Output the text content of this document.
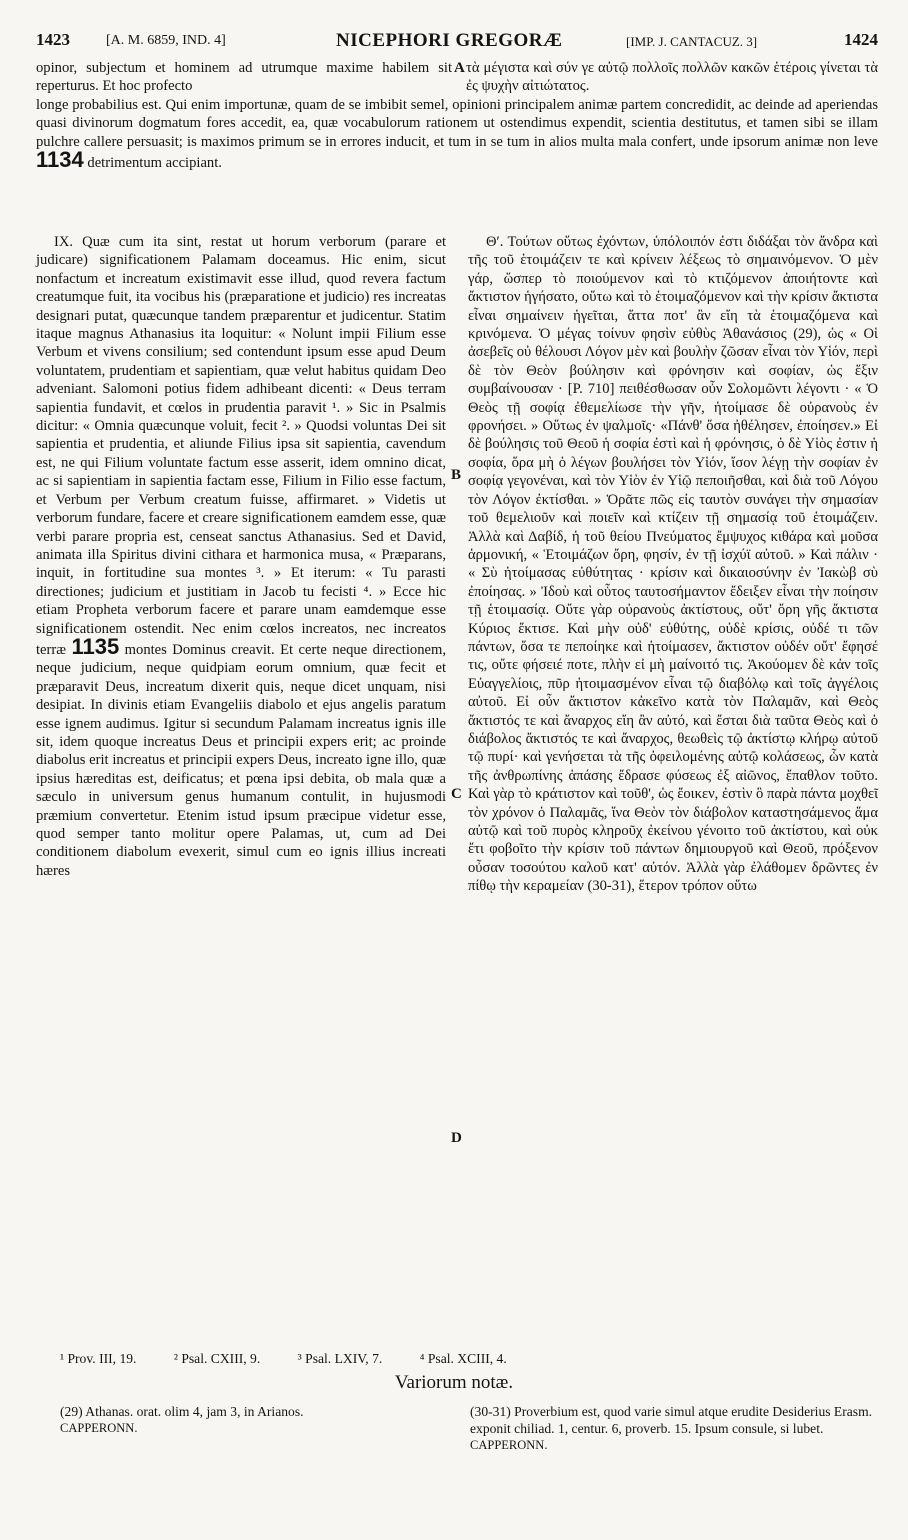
1423	[A. M. 6859, IND. 4]	NICEPHORI GREGORÆ	[IMP. J. CANTACUZ. 3]	1424
opinor, subjectum et hominem ad utrumque maxime habilem sit reperturus. Et hoc profecto
A τὰ μέγιστα καὶ σύν γε αὐτῷ πολλοῖς πολλῶν κακῶν ἑτέροις γίνεται τὰ ἐς ψυχὴν αἰτιώτατος.

longe probabilius est. Qui enim importunæ, quam de se imbibit semel, opinioni principalem animæ partem concredidit, ac deinde ad aperiendas quasi divinorum dogmatum fores accedit, ea, quæ vocabulorum rationem ut ostendimus expendit, scientia destitutus, et tamen sibi se illam pulchre callere persuasit; is maximos primum se in errores inducit, et tum in se tum in alios multa mala confert, unde ipsorum animæ non leve 1134 detrimentum accipiant.

IX. Quæ cum ita sint, restat ut horum verborum (parare et judicare) significationem Palamam doceamus. Hic enim, sicut nonfactum et increatum existimavit esse illud, quod revera factum creatumque fuit, ita vocibus his (præparatione et judicio) res increatas designari putat, quæcunque tandem præparentur et judicentur. Statim itaque magnus Athanasius ita loquitur: « Nolunt impii Filium esse Verbum et vivens consilium; sed contendunt ipsum esse apud Deum voluntatem, prudentiam et sapientiam, quæ velut habitus quidam Deo adveniant. Salomoni potius fidem adhibeant dicenti: « Deus terram sapientia fundavit, et cœlos in prudentia paravit ¹. » Sic in Psalmis dicitur: « Omnia quæcunque voluit, fecit ². » Quodsi voluntas Dei sit sapientia et prudentia, et aliunde Filius ipsa sit sapientia, cavendum est, ne qui Filium voluntate factum esse asserit, idem omnino dicat, ac si sapientiam in sapientia factam esse, Filium in Filio esse factum, et Verbum per Verbum creatum fuisse, affirmaret. » Videtis ut verborum fundare, facere et creare significationem eamdem esse, quæ verbi parare propria est, censeat sanctus Athanasius. Sed et David, animata illa Spiritus divini cithara et harmonica musa, « Præparans, inquit, in fortitudine sua montes ³. » Et iterum: « Tu parasti directiones; judicium et justitiam in Jacob tu fecisti ⁴. » Ecce hic etiam Propheta verborum facere et parare unam eamdemque esse significationem ostendit. Nec enim cœlos increatos, nec increatos terræ 1135 montes Dominus creavit. Et certe neque directionem, neque judicium, neque quidpiam eorum omnium, quæ fecit et præparavit Deus, increatum dixerit quis, neque dicet unquam, nisi desipiat. In divinis etiam Evangeliis diabolo et ejus angelis paratum esse ignem audimus. Igitur si secundum Palamam increatus ignis ille sit, idem quoque increatus Deus et principii expers erit; ac proinde diabolus erit increatus et principii expers Deus, increato igne illo, quæ ipsius hæreditas est, deificatus; et pœna ipsi debita, ob mala quæ a sæculo in universum genus humanum contulit, in hujusmodi præmium convertetur. Etenim istud ipsum præcipue videtur esse, quod semper tanto molitur opere Palamas, ut, cum ad Dei conditionem diabolum evexerit, simul cum eo ignis illius increati hæres

B
C
D

Θʹ. Τούτων οὕτως ἐχόντων, ὑπόλοιπόν ἐστι διδάξαι τὸν ἄνδρα καὶ τῆς τοῦ ἑτοιμάζειν τε καὶ κρίνειν λέξεως τὸ σημαινόμενον. Ὁ μὲν γάρ, ὥσπερ τὸ ποιούμενον καὶ τὸ κτιζόμενον ἀποιήτοντε καὶ ἄκτιστον ἡγήσατο, οὕτω καὶ τὸ ἑτοιμαζόμενον καὶ τὴν κρίσιν ἄκτιστα εἶναι σημαίνειν ἡγεῖται, ἅττα ποτ' ἂν εἴη τὰ ἑτοιμαζόμενα καὶ κρινόμενα. Ὁ μέγας τοίνυν φησὶν εὐθὺς Ἀθανάσιος (29), ὡς « Οἱ ἀσεβεῖς οὐ θέλουσι Λόγον μὲν καὶ βουλὴν ζῶσαν εἶναι τὸν Υἱόν, περὶ δὲ τὸν Θεὸν βούλησιν καὶ φρόνησιν καὶ σοφίαν, ὡς ἕξιν συμβαίνουσαν · [P. 710] πειθέσθωσαν οὖν Σολομῶντι λέγοντι · « Ὁ Θεὸς τῇ σοφίᾳ ἐθεμελίωσε τὴν γῆν, ἡτοίμασε δὲ οὐρανοὺς ἐν φρονήσει. » Οὕτως ἐν ψαλμοῖς· «Πάνθ' ὅσα ἠθέλησεν, ἐποίησεν.» Εἰ δὲ βούλησις τοῦ Θεοῦ ἡ σοφία ἐστὶ καὶ ἡ φρόνησις, ὁ δὲ Υἱὸς ἐστιν ἡ σοφία, ὅρα μὴ ὁ λέγων βουλήσει τὸν Υἱόν, ἴσον λέγῃ τὴν σοφίαν ἐν σοφίᾳ γεγονέναι, καὶ τὸν Υἱὸν ἐν Υἱῷ πεποιῆσθαι, καὶ διὰ τοῦ Λόγου τὸν Λόγον ἐκτίσθαι. » Ὁρᾶτε πῶς εἰς ταυτὸν συνάγει τὴν σημασίαν τοῦ θεμελιοῦν καὶ ποιεῖν καὶ κτίζειν τῇ σημασίᾳ τοῦ ἑτοιμάζειν. Ἀλλὰ καὶ Δαβίδ, ἡ τοῦ θείου Πνεύματος ἔμψυχος κιθάρα καὶ μοῦσα ἁρμονική, « Ἑτοιμάζων ὄρη, φησίν, ἐν τῇ ἰσχύϊ αὐτοῦ. » Καὶ πάλιν · « Σὺ ἡτοίμασας εὐθύτητας · κρίσιν καὶ δικαιοσύνην ἐν Ἰακὼβ σὺ ἐποίησας. » Ἰδοὺ καὶ οὗτος ταυτοσήμαντον ἔδειξεν εἶναι τὴν ποίησιν τῇ ἑτοιμασίᾳ. Οὔτε γὰρ οὐρανοὺς ἀκτίστους, οὔτ' ὄρη γῆς ἄκτιστα Κύριος ἔκτισε. Καὶ μὴν οὐδ' εὐθύτης, οὐδὲ κρίσις, οὐδέ τι τῶν πάντων, ὅσα τε πεποίηκε καὶ ἡτοίμασεν, ἄκτιστον οὐδέν οὔτ' ἔφησέ τις, οὔτε φήσειέ ποτε, πλὴν εἰ μὴ μαίνοιτό τις. Ἀκούομεν δὲ κἀν τοῖς Εὐαγγελίοις, πῦρ ἡτοιμασμένον εἶναι τῷ διαβόλῳ καὶ τοῖς ἀγγέλοις αὐτοῦ. Εἰ οὖν ἄκτιστον κἀκεῖνο κατὰ τὸν Παλαμᾶν, καὶ Θεὸς ἄκτιστός τε καὶ ἄναρχος εἴη ἂν αὐτό, καὶ ἔσται διὰ ταῦτα Θεὸς καὶ ὁ διάβολος ἄκτιστός τε καὶ ἄναρχος, θεωθεὶς τῷ ἀκτίστῳ κλήρῳ αὐτοῦ τῷ πυρί· καὶ γενήσεται τὰ τῆς ὀφειλομένης αὐτῷ κολάσεως, ὧν κατὰ τῆς ἀνθρωπίνης ἁπάσης ἔδρασε φύσεως ἐξ αἰῶνος, ἔπαθλον τοῦτο. Καὶ γὰρ τὸ κράτιστον καὶ τοῦθ', ὡς ἔοικεν, ἐστὶν ὃ παρὰ πάντα μοχθεῖ τὸν χρόνον ὁ Παλαμᾶς, ἵνα Θεὸν τὸν διάβολον καταστησάμενος ἅμα αὐτῷ καὶ τοῦ πυρὸς κληροῦχ ἐκείνου γένοιτο τοῦ ἀκτίστου, καὶ οὐκ ἔτι φοβοῖτο τὴν κρίσιν τοῦ πάντων δημιουργοῦ καὶ Θεοῦ, πρόξενον οὖσαν τοσούτου καλοῦ κατ' αὐτόν. Ἀλλὰ γὰρ ἐλάθομεν δρῶντες ἐν πίθῳ τὴν κεραμείαν (30-31), ἕτερον τρόπον οὕτω

¹ Prov. III, 19.	² Psal. CXIII, 9.	³ Psal. LXIV, 7.	⁴ Psal. XCIII, 4.
Variorum notæ.

(29) Athanas. orat. olim 4, jam 3, in Arianos.

CAPPERONN.

(30-31) Proverbium est, quod varie simul atque erudite Desiderius Erasm. exponit chiliad. 1, centur. 6, proverb. 15. Ipsum consule, si lubet.

CAPPERONN.
